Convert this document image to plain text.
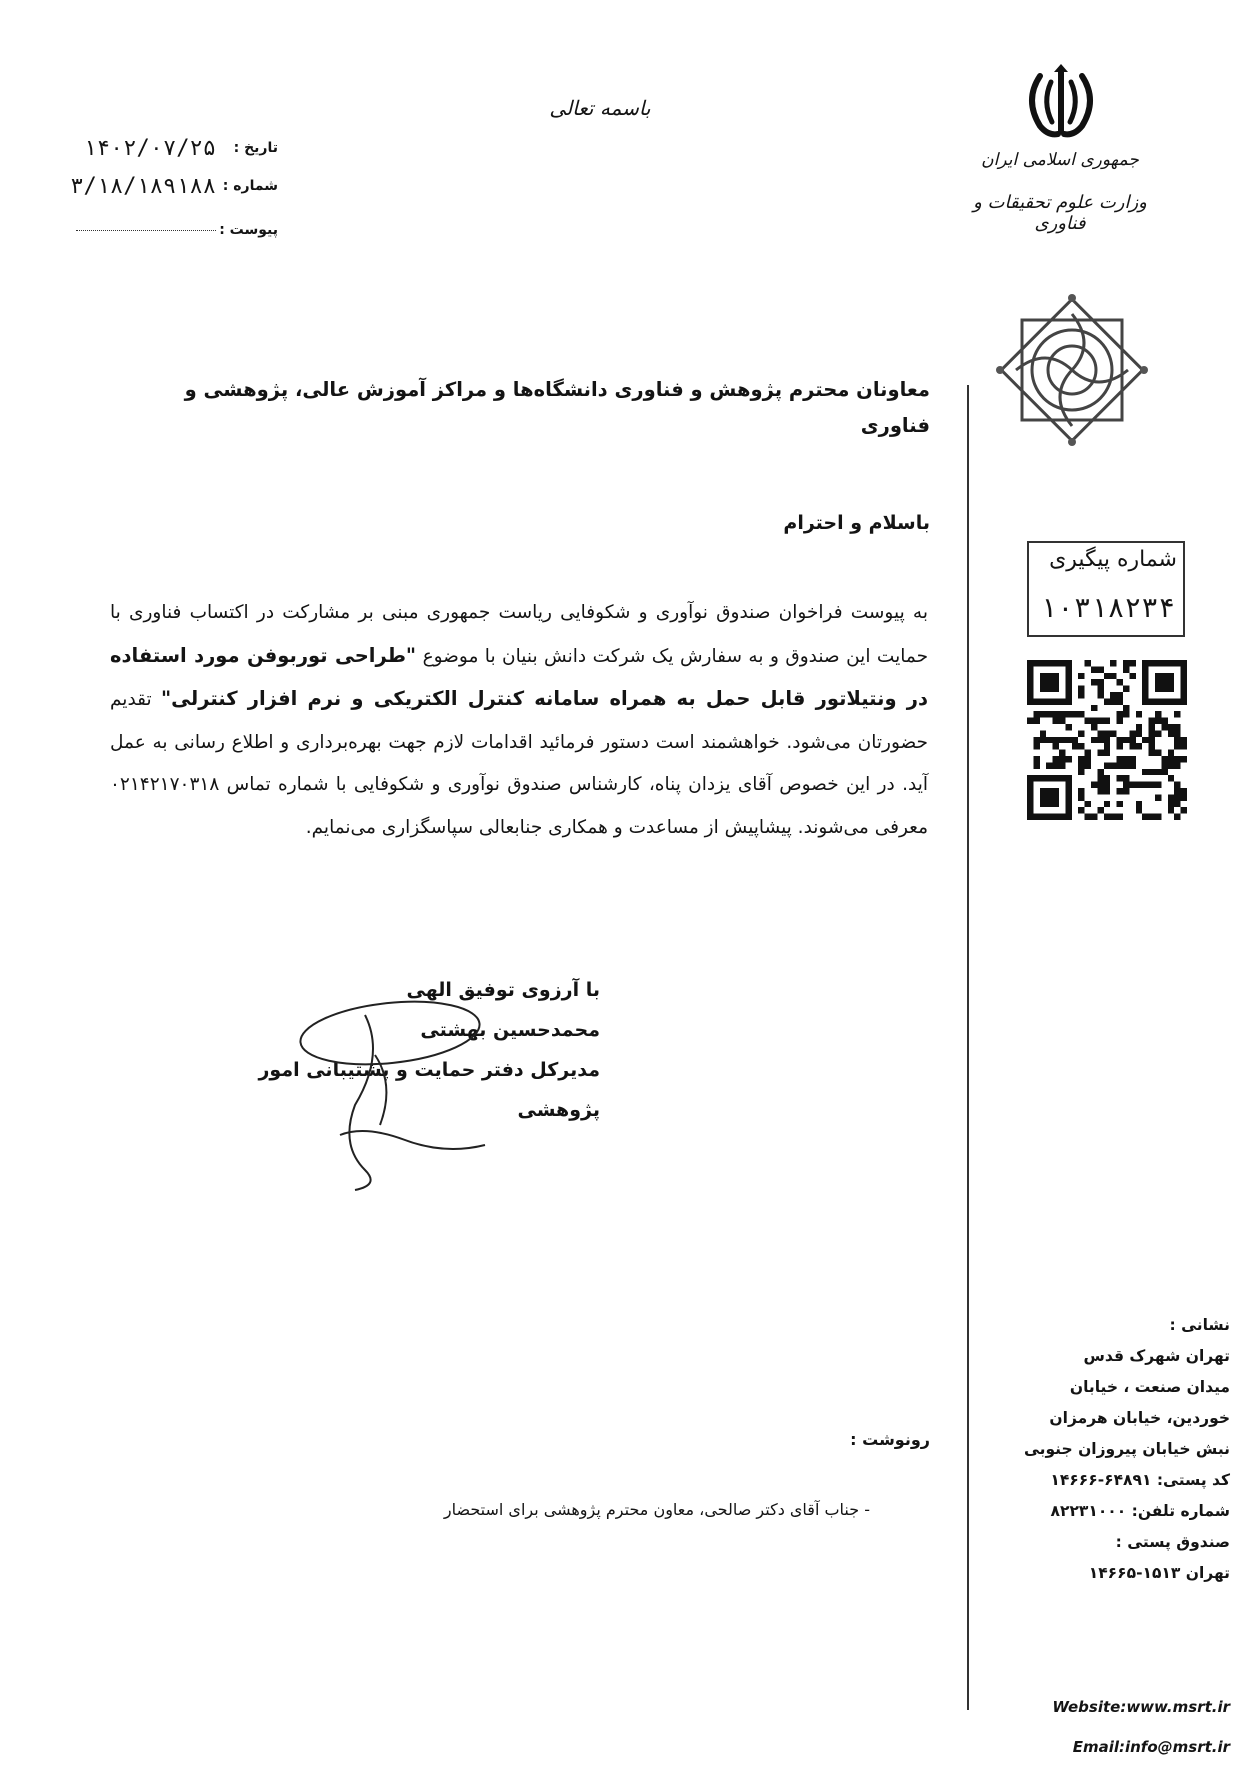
باسمه تعالی
تاریخ :
۱۴۰۲/۰۷/۲۵
شماره :
۳/۱۸/۱۸۹۱۸۸
پیوست :
جمهوری اسلامی ایران
وزارت علوم تحقیقات و فناوری
شماره پیگیری
۱۰۳۱۸۲۳۴
معاونان محترم پژوهش و فناوری دانشگاه‌ها و مراکز آموزش عالی، پژوهشی و فناوری
باسلام و احترام
به پیوست فراخوان صندوق نوآوری و شکوفایی ریاست جمهوری مبنی بر مشارکت در اکتساب فناوری با حمایت این صندوق و به سفارش یک شرکت دانش بنیان با موضوع "طراحی توربوفن مورد استفاده در ونتیلاتور قابل حمل به همراه سامانه کنترل الکتریکی و نرم افزار کنترلی" تقدیم حضورتان می‌شود. خواهشمند است دستور فرمائید اقدامات لازم جهت بهره‌برداری و اطلاع رسانی به عمل آید. در این خصوص آقای یزدان پناه، کارشناس صندوق نوآوری و شکوفایی با شماره تماس ۰۲۱۴۲۱۷۰۳۱۸ معرفی می‌شوند. پیشاپیش از مساعدت و همکاری جنابعالی سپاسگزاری می‌نمایم.
با آرزوی توفیق الهی
محمدحسین بهشتی
مدیرکل دفتر حمایت و پشتیبانی امور پژوهشی
رونوشت :
- جناب آقای دکتر صالحی، معاون محترم پژوهشی برای استحضار
نشانی :
تهران شهرک قدس
میدان صنعت ، خیابان
خوردین، خیابان هرمزان
نبش خیابان پیروزان جنوبی
کد پستی: ۶۴۸۹۱-۱۴۶۶۶
شماره تلفن: ۸۲۲۳۱۰۰۰
صندوق پستی :
تهران ۱۵۱۳-۱۴۶۶۵
Website:www.msrt.ir
Email:info@msrt.ir
